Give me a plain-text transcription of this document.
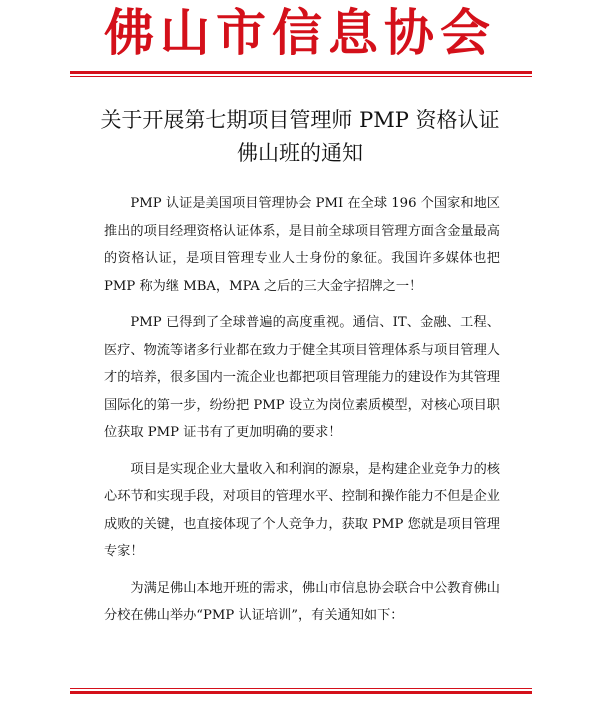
佛山市信息协会
关于开展第七期项目管理师 PMP 资格认证
佛山班的通知

PMP 认证是美国项目管理协会 PMI 在全球 196 个国家和地区推出的项目经理资格认证体系，是目前全球项目管理方面含金量最高的资格认证，是项目管理专业人士身份的象征。我国许多媒体也把 PMP 称为继 MBA，MPA 之后的三大金字招牌之一！

PMP 已得到了全球普遍的高度重视。通信、IT、金融、工程、医疗、物流等诸多行业都在致力于健全其项目管理体系与项目管理人才的培养，很多国内一流企业也都把项目管理能力的建设作为其管理国际化的第一步，纷纷把 PMP 设立为岗位素质模型，对核心项目职位获取 PMP 证书有了更加明确的要求！

项目是实现企业大量收入和利润的源泉，是构建企业竞争力的核心环节和实现手段，对项目的管理水平、控制和操作能力不但是企业成败的关键，也直接体现了个人竞争力，获取 PMP 您就是项目管理专家！

为满足佛山本地开班的需求，佛山市信息协会联合中公教育佛山分校在佛山举办“PMP 认证培训”，有关通知如下：
